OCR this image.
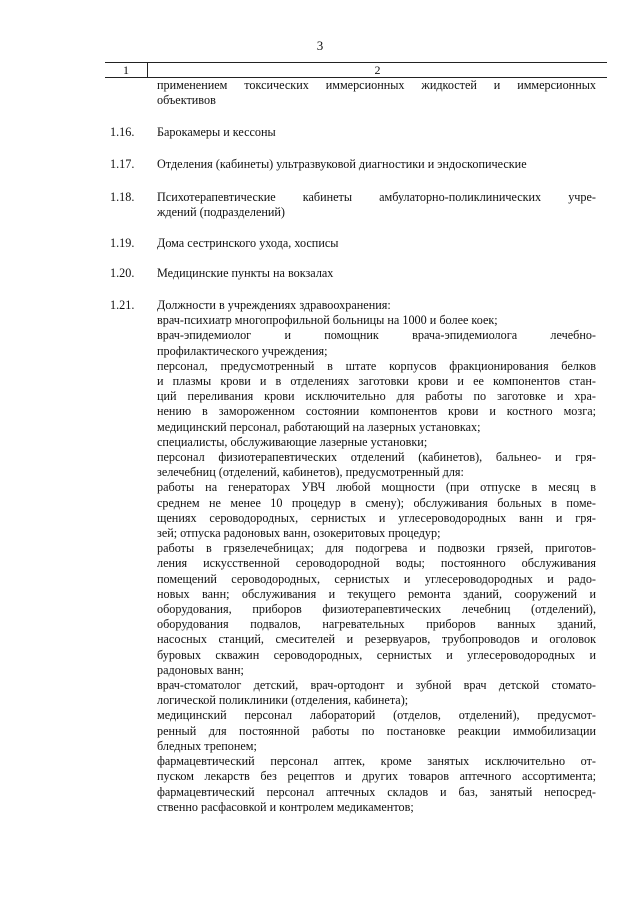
3
1	2
применением токсических иммерсионных жидкостей и иммерсионных
объективов
1.16. Барокамеры и кессоны
1.17. Отделения (кабинеты) ультразвуковой диагностики и эндоскопические
1.18. Психотерапевтические кабинеты амбулаторно-поликлинических учре-
ждений (подразделений)
1.19. Дома сестринского ухода, хосписы
1.20. Медицинские пункты на вокзалах
1.21. Должности в учреждениях здравоохранения:
врач-психиатр многопрофильной больницы на 1000 и более коек;
врач-эпидемиолог и помощник врача-эпидемиолога лечебно-
профилактического учреждения;
персонал, предусмотренный в штате корпусов фракционирования белков
и плазмы крови и в отделениях заготовки крови и ее компонентов стан-
ций переливания крови исключительно для работы по заготовке и хра-
нению в замороженном состоянии компонентов крови и костного мозга;
медицинский персонал, работающий на лазерных установках;
специалисты, обслуживающие лазерные установки;
персонал физиотерапевтических отделений (кабинетов), бальнео- и гря-
зелечебниц (отделений, кабинетов), предусмотренный для:
работы на генераторах УВЧ любой мощности (при отпуске в месяц в
среднем не менее 10 процедур в смену); обслуживания больных в поме-
щениях сероводородных, сернистых и углесероводородных ванн и гря-
зей; отпуска радоновых ванн, озокеритовых процедур;
работы в грязелечебницах; для подогрева и подвозки грязей, приготов-
ления искусственной сероводородной воды; постоянного обслуживания
помещений сероводородных, сернистых и углесероводородных и радо-
новых ванн; обслуживания и текущего ремонта зданий, сооружений и
оборудования, приборов физиотерапевтических лечебниц (отделений),
оборудования подвалов, нагревательных приборов ванных зданий,
насосных станций, смесителей и резервуаров, трубопроводов и оголовок
буровых скважин сероводородных, сернистых и углесероводородных и
радоновых ванн;
врач-стоматолог детский, врач-ортодонт и зубной врач детской стомато-
логической поликлиники (отделения, кабинета);
медицинский персонал лабораторий (отделов, отделений), предусмот-
ренный для постоянной работы по постановке реакции иммобилизации
бледных трепонем;
фармацевтический персонал аптек, кроме занятых исключительно от-
пуском лекарств без рецептов и других товаров аптечного ассортимента;
фармацевтический персонал аптечных складов и баз, занятый непосред-
ственно расфасовкой и контролем медикаментов;
